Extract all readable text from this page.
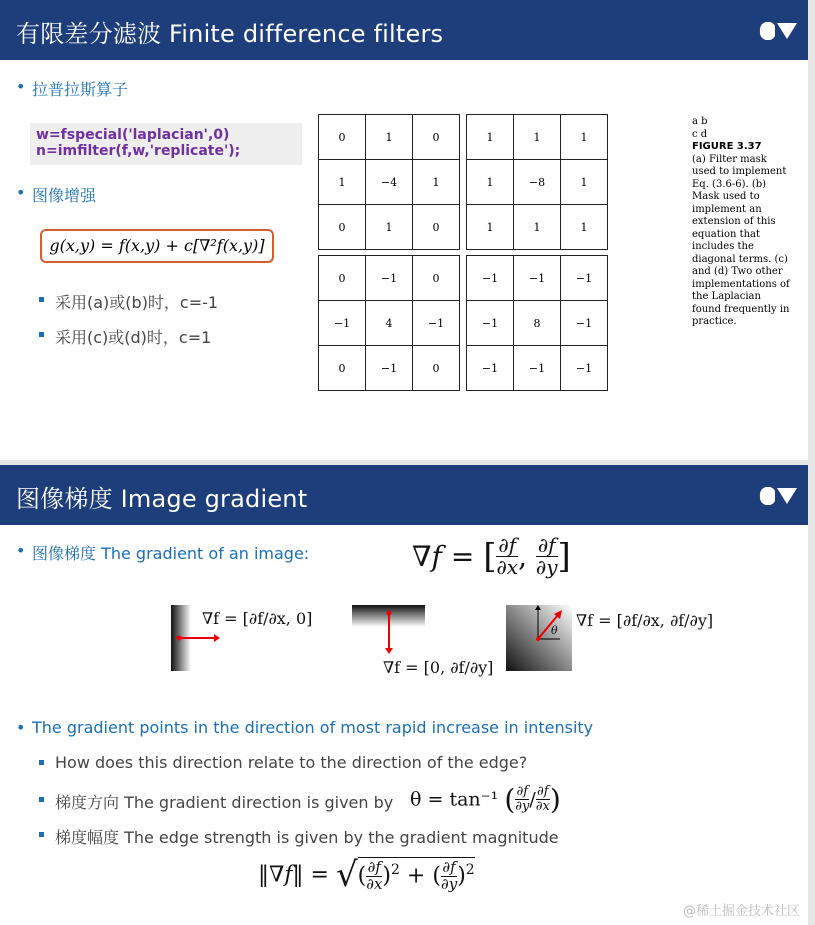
有限差分滤波 Finite difference filters
• 拉普拉斯算子
w=fspecial('laplacian',0)
n=imfilter(f,w,'replicate');
• 图像增强
g(x,y) = f(x,y) + c[∇²f(x,y)]
采用(a)或(b)时，c=-1
采用(c)或(d)时，c=1
0	1	0
1	−4	1
0	1	0
1	1	1
1	−8	1
1	1	1
0	−1	0
−1	4	−1
0	−1	0
−1	−1	−1
−1	8	−1
−1	−1	−1
a b
c d
FIGURE 3.37
(a) Filter mask used to implement Eq. (3.6-6). (b) Mask used to implement an extension of this equation that includes the diagonal terms. (c) and (d) Two other implementations of the Laplacian found frequently in practice.
图像梯度 Image gradient
• 图像梯度 The gradient of an image:	∇f = [ $\frac{\partial f}{\partial x}$ , $\frac{\partial f}{\partial y}$ ]
∇f = [∂f/∂x, 0]
∇f = [0, ∂f/∂y]
θ
∇f = [∂f/∂x, ∂f/∂y]
• The gradient points in the direction of most rapid increase in intensity
How does this direction relate to the direction of the edge?
梯度方向 The gradient direction is given by θ = tan⁻¹ ( $\frac{\partial f}{\partial y} / \frac{\partial f}{\partial x}$ )
梯度幅度 The edge strength is given by the gradient magnitude
‖∇f‖ = √( $\frac{\partial f}{\partial x} )^2$ + ( $\frac{\partial f}{\partial y} )^2$
@稀土掘金技术社区
